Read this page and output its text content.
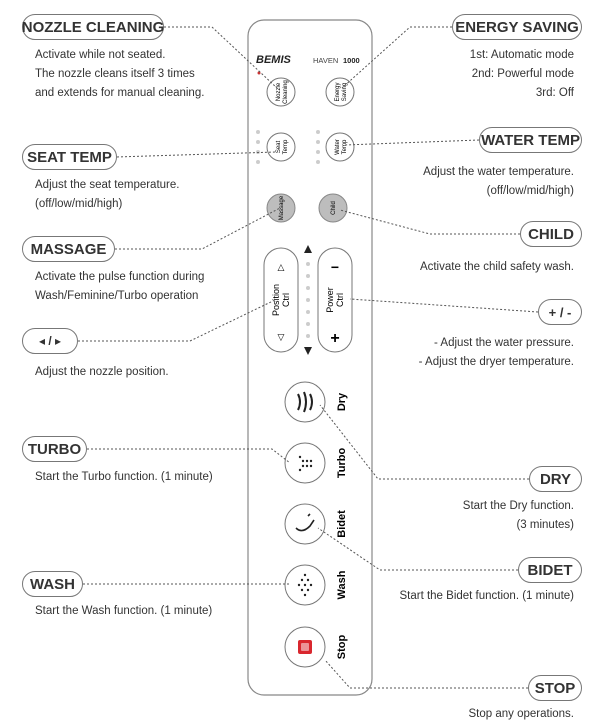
BEMIS	HAVEN 1000
NozzleCleaning	EnergySaving
SeatTemp	WaterTemp
Massage	Child
△
▽
PositionCtrl
−
+
PowerCtrl
Dry
Turbo
Bidet
Wash
Stop
NOZZLE CLEANING
Activate while not seated.
The nozzle cleans itself 3 times
and extends for manual cleaning.
ENERGY SAVING
1st: Automatic mode
2nd: Powerful mode
3rd: Off
SEAT TEMP
Adjust the seat temperature.
(off/low/mid/high)
WATER TEMP
Adjust the water temperature.
(off/low/mid/high)
MASSAGE
Activate the pulse function during
Wash/Feminine/Turbo operation
CHILD
Activate the child safety wash.
◂ / ▸
Adjust the nozzle position.
+ / -
- Adjust the water pressure.
- Adjust the dryer temperature.
TURBO
Start the Turbo function. (1 minute)	DRY
Start the Dry function.
(3 minutes)
BIDET
Start the Bidet function. (1 minute)
WASH
Start the Wash function. (1 minute)
STOP
Stop any operations.
